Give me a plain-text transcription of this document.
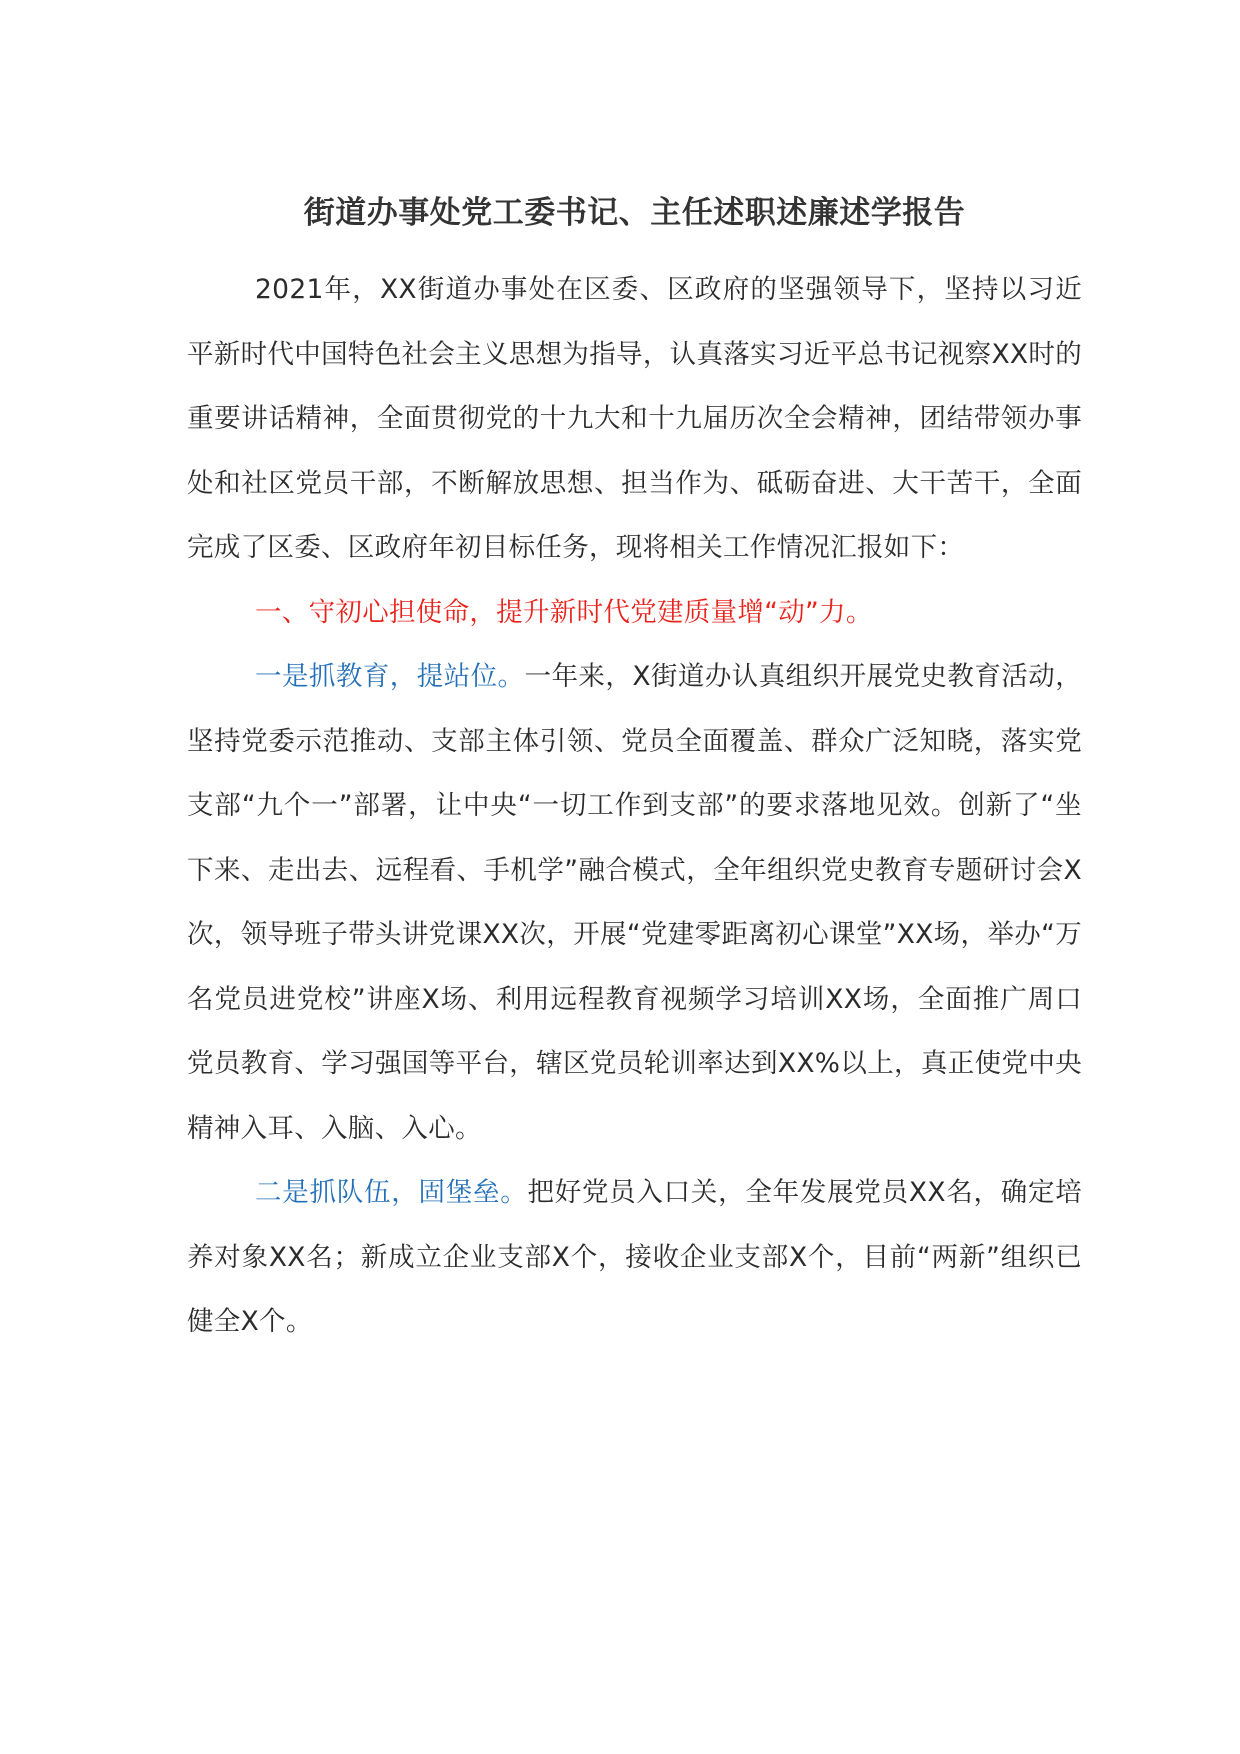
街道办事处党工委书记、主任述职述廉述学报告

2021年，XX街道办事处在区委、区政府的坚强领导下，坚持以习近平新时代中国特色社会主义思想为指导，认真落实习近平总书记视察XX时的重要讲话精神，全面贯彻党的十九大和十九届历次全会精神，团结带领办事处和社区党员干部，不断解放思想、担当作为、砥砺奋进、大干苦干，全面完成了区委、区政府年初目标任务，现将相关工作情况汇报如下：

一、守初心担使命，提升新时代党建质量增“动”力。

一是抓教育，提站位。一年来，X街道办认真组织开展党史教育活动，坚持党委示范推动、支部主体引领、党员全面覆盖、群众广泛知晓，落实党支部“九个一”部署，让中央“一切工作到支部”的要求落地见效。创新了“坐下来、走出去、远程看、手机学”融合模式，全年组织党史教育专题研讨会X次，领导班子带头讲党课XX次，开展“党建零距离初心课堂”XX场，举办“万名党员进党校”讲座X场、利用远程教育视频学习培训XX场，全面推广周口党员教育、学习强国等平台，辖区党员轮训率达到XX%以上，真正使党中央精神入耳、入脑、入心。

二是抓队伍，固堡垒。把好党员入口关，全年发展党员XX名，确定培养对象XX名；新成立企业支部X个，接收企业支部X个，目前“两新”组织已健全X个。
